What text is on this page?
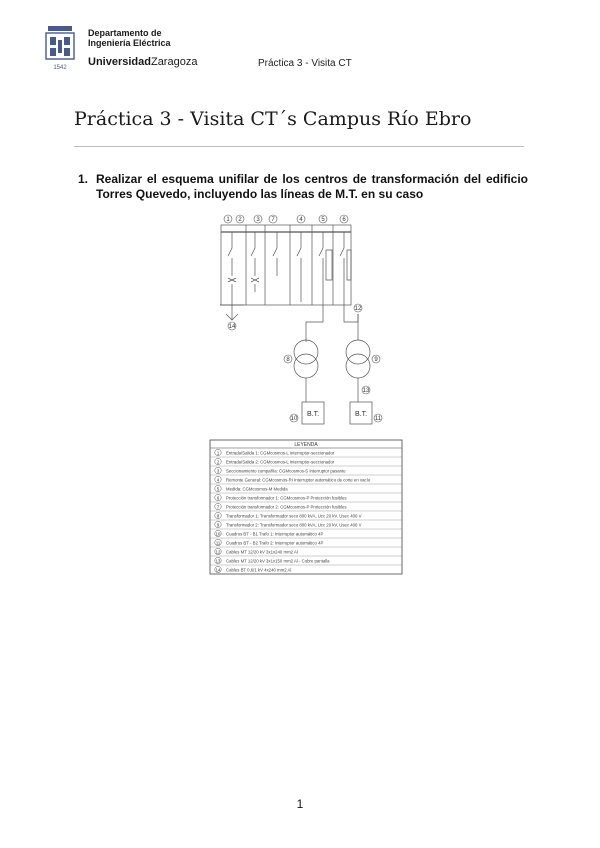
1542
Departamento de
Ingeniería Eléctrica
UniversidadZaragoza	Práctica 3 - Visita CT
Práctica 3 - Visita CT´s Campus Río Ebro
1. Realizar el esquema unifilar de los centros de transformación del edificio Torres Quevedo, incluyendo las líneas de M.T. en su caso
1 2 3	4	5	6
7
14
8	9
12
13
10	11
B.T.	B.T.
LEYENDA
1 Entrada/Salida 1: CGMcosmos-L Interruptor-seccionador
2 Entrada/Salida 2: CGMcosmos-L Interruptor-seccionador
3 Seccionamiento compañía: CGMcosmos-S Interruptor pasante
4 Remonte General: CGMcosmos-RI Interruptor automático de corte en vacío
5 Medida: CGMcosmos-M Medida
6 Protección transformador 1: CGMcosmos-P Protección fusibles
7 Protección transformador 2: CGMcosmos-P Protección fusibles
8 Transformador 1: Transformador seco 800 kVA, Ucc 20 kV, Usec 400 V
9 Transformador 2: Transformador seco 800 kVA, Ucc 20 kV, Usec 400 V
10 Cuadros BT - B1 Trafo 1: Interruptor automático 4P
11 Cuadros BT - B2 Trafo 2: Interruptor automático 4P
12 Cables MT 12/20 kV 3x1x240 mm2 Al
13 Cables MT 12/20 kV 3x1x150 mm2 Al - Cobre pantalla
14 Cables BT 0,6/1 kV 4x240 mm2 Al
1
